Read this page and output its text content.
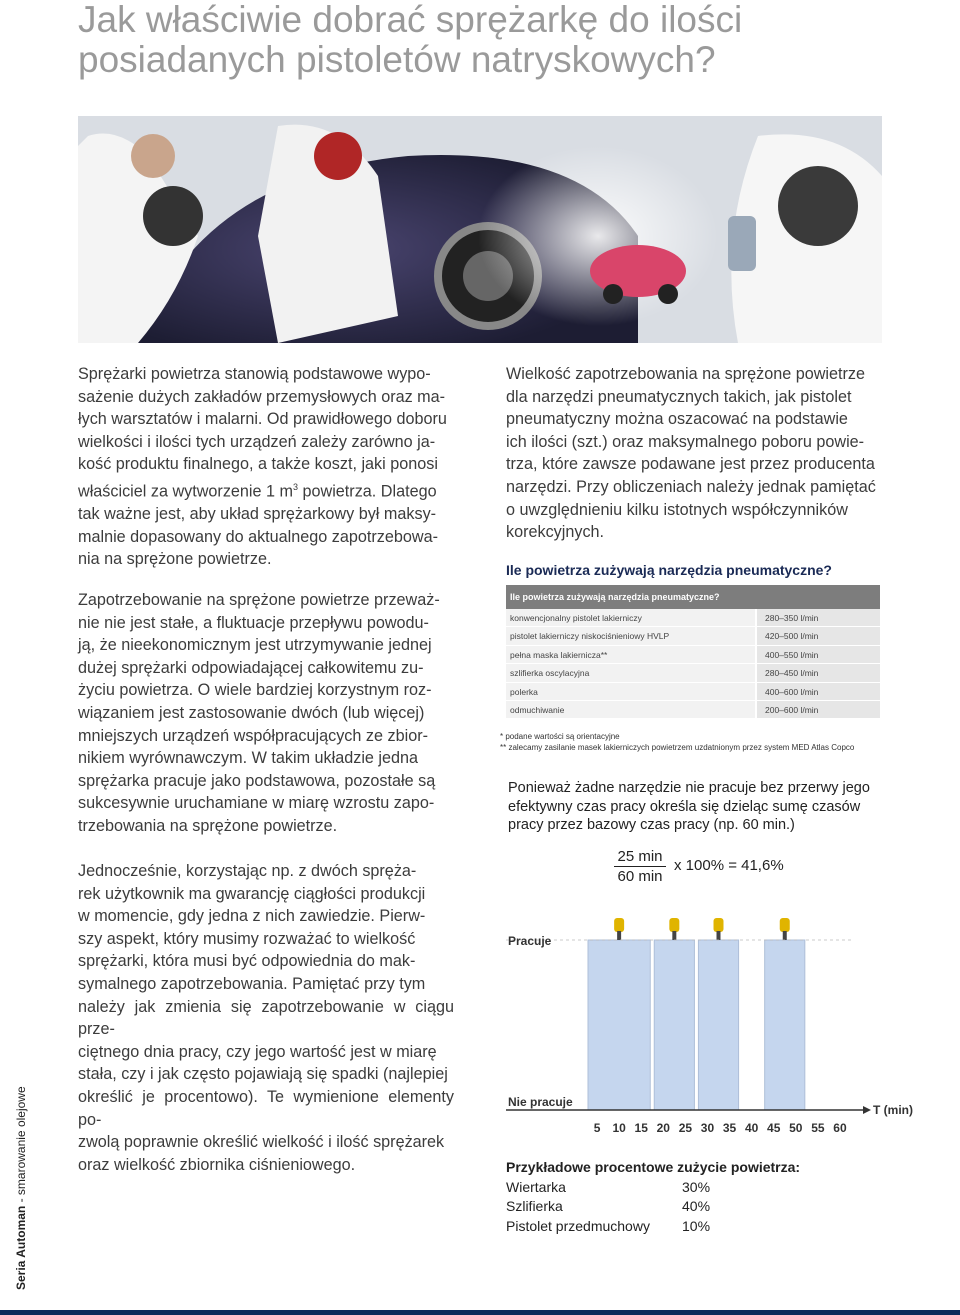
Jak właściwie dobrać sprężarkę do ilości
posiadanych pistoletów natryskowych?

Sprężarki powietrza stanowią podstawowe wypo-
sażenie dużych zakładów przemysłowych oraz ma-
łych warsztatów i malarni. Od prawidłowego doboru
wielkości i ilości tych urządzeń zależy zarówno ja-
kość produktu finalnego, a także koszt, jaki ponosi
właściciel za wytworzenie 1 $m^3$ powietrza. Dlatego
tak ważne jest, aby układ sprężarkowy był maksy-
malnie dopasowany do aktualnego zapotrzebowa-
nia na sprężone powietrze.

Zapotrzebowanie na sprężone powietrze przeważ-
nie nie jest stałe, a fluktuacje przepływu powodu-
ją, że nieekonomicznym jest utrzymywanie jednej
dużej sprężarki odpowiadającej całkowitemu zu-
życiu powietrza. O wiele bardziej korzystnym roz-
wiązaniem jest zastosowanie dwóch (lub więcej)
mniejszych urządzeń współpracujących ze zbior-
nikiem wyrównawczym. W takim układzie jedna
sprężarka pracuje jako podstawowa, pozostałe są
sukcesywnie uruchamiane w miarę wzrostu zapo-
trzebowania na sprężone powietrze.

Jednocześnie, korzystając np. z dwóch spręża-
rek użytkownik ma gwarancję ciągłości produkcji
w momencie, gdy jedna z nich zawiedzie. Pierw-
szy aspekt, który musimy rozważać to wielkość
sprężarki, która musi być odpowiednia do mak-
symalnego zapotrzebowania. Pamiętać przy tym
należy jak zmienia się zapotrzebowanie w ciągu prze-
ciętnego dnia pracy, czy jego wartość jest w miarę
stała, czy i jak często pojawiają się spadki (najlepiej
określić je procentowo). Te wymienione elementy po-
zwolą poprawnie określić wielkość i ilość sprężarek
oraz wielkość zbiornika ciśnieniowego.

Wielkość zapotrzebowania na sprężone powietrze
dla narzędzi pneumatycznych takich, jak pistolet
pneumatyczny można oszacować na podstawie
ich ilości (szt.) oraz maksymalnego poboru powie-
trza, które zawsze podawane jest przez producenta
narzędzi. Przy obliczeniach należy jednak pamiętać
o uwzględnieniu kilku istotnych współczynników
korekcyjnych.

Ile powietrza zużywają narzędzia pneumatyczne?
Ile powietrza zużywają narzędzia pneumatyczne?
konwencjonalny pistolet lakierniczy	280–350 l/min
pistolet lakierniczy niskociśnieniowy HVLP	420–500 l/min
pełna maska lakiernicza**	400–550 l/min
szlifierka oscylacyjna	280–450 l/min
polerka	400–600 l/min
odmuchiwanie	200–600 l/min
* podane wartości są orientacyjne
** zalecamy zasilanie masek lakierniczych powietrzem uzdatnionym przez system MED Atlas Copco

Ponieważ żadne narzędzie nie pracuje bez przerwy jego
efektywny czas pracy określa się dzieląc sumę czasów
pracy przez bazowy czas pracy (np. 60 min.)

25 min
60 min
x 100% = 41,6%
Pracuje
Nie pracuje
T (min)
5 10 15 20 25 30 35 40 45 50 55 60
Przykładowe procentowe zużycie powietrza:
Wiertarka	30%
Szlifierka	40%
Pistolet przedmuchowy	10%
Seria Automan - smarowanie olejowe
